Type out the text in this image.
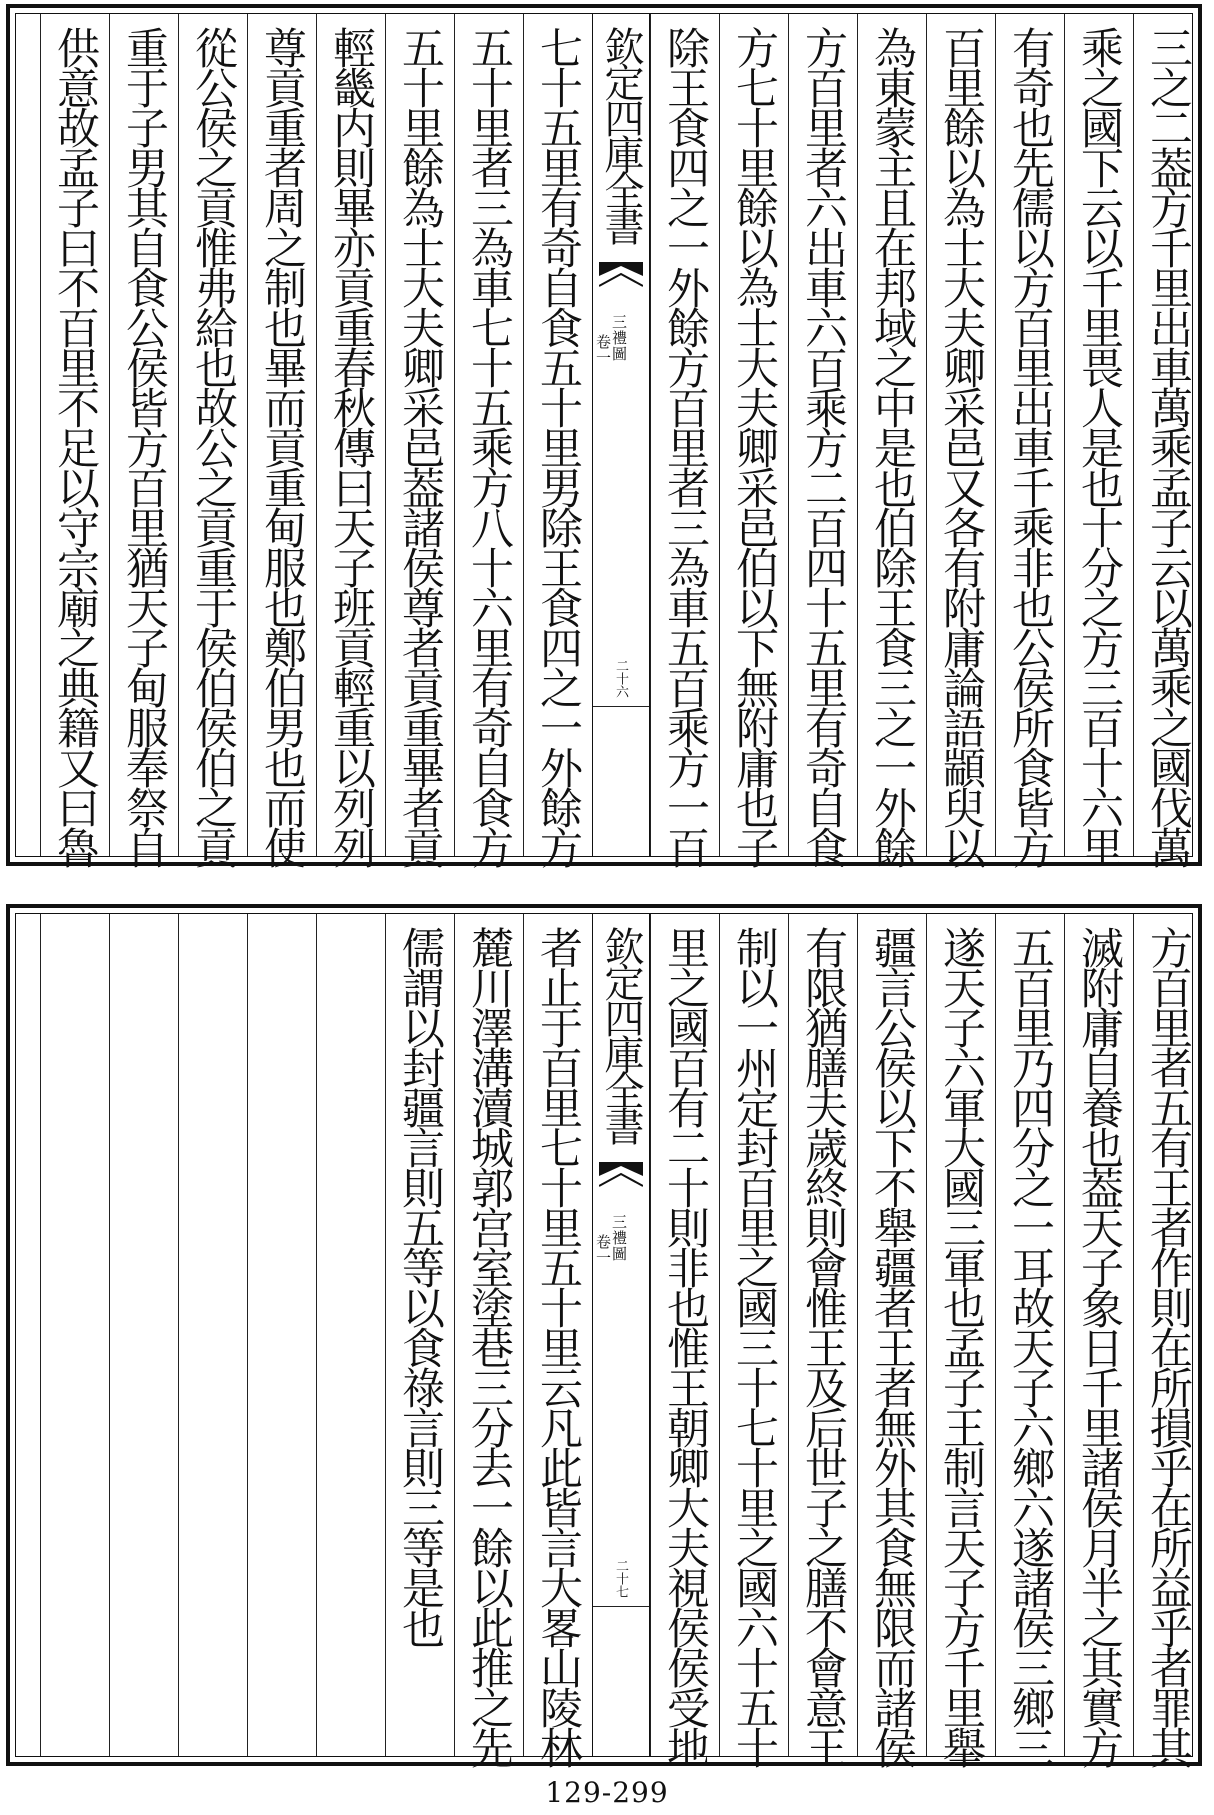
三之二葢方千里出車萬乘孟子云以萬乘之國伐萬
乘之國下云以千里畏人是也十分之方三百十六里
有奇也先儒以方百里出車千乘非也公侯所食皆方
百里餘以為士大夫卿采邑又各有附庸論語顓臾以
為東蒙主且在邦域之中是也伯除王食三之一外餘
方百里者六出車六百乘方二百四十五里有奇自食
方七十里餘以為士大夫卿采邑伯以下無附庸也子
除王食四之一外餘方百里者三為車五百乘方一百
欽定四庫全書
三禮圖
卷一
二十六
七十五里有奇自食五十里男除王食四之一外餘方
五十里者三為車七十五乘方八十六里有奇自食方
五十里餘為士大夫卿采邑葢諸侯尊者貢重畢者貢
輕畿内則畢亦貢重春秋傳曰天子班貢輕重以列列
尊貢重者周之制也畢而貢重甸服也鄭伯男也而使
從公侯之貢惟弗給也故公之貢重于侯伯侯伯之貢
重于子男其自食公侯皆方百里猶天子甸服奉祭自
供意故孟子曰不百里不足以守宗廟之典籍又曰魯
方百里者五有王者作則在所損乎在所益乎者罪其
滅附庸自養也葢天子象日千里諸侯月半之其實方
五百里乃四分之一耳故天子六鄉六遂諸侯三鄉三
遂天子六軍大國三軍也孟子王制言天子方千里舉
疆言公侯以下不舉疆者王者無外其食無限而諸侯
有限猶膳夫歲終則會惟王及后世子之膳不會意王
制以一州定封百里之國三十七十里之國六十五十
里之國百有二十則非也惟王朝卿大夫視侯侯受地
欽定四庫全書
三禮圖
卷一
二十七
者止于百里七十里五十里云凡此皆言大畧山陵林
麓川澤溝瀆城郭宫室塗巷三分去一餘以此推之先
儒謂以封疆言則五等以食祿言則三等是也
129-299
